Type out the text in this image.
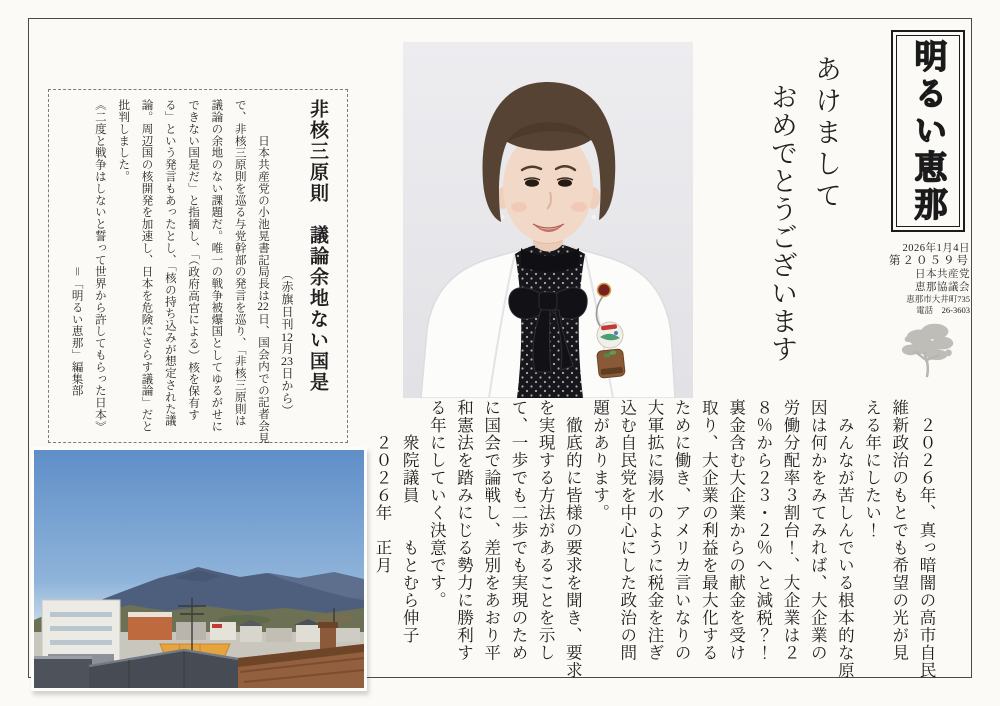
明るい恵那
2026年1月4日
第２０５９号
日本共産党
恵那協議会
恵那市大井町735
電話　26-3603

あけまして

　おめでとうございます

非核三原則　議論余地ない国是

　　　　　　　　　　　　　　（赤旗日刊12月23日から）

　　　日本共産党の小池晃書記局長は22日、国会内での記者会見

で、非核三原則を巡る与党幹部の発言を巡り、「非核三原則は

議論の余地のない課題だ。唯一の戦争被爆国としてゆるがせに

できない国是だ」と指摘し、「（政府高官による）核を保有す

る」という発言もあったとし、「核の持ち込みが想定された議

論。周辺国の核開発を加速し、日本を危険にさらす議論」だと

批判しました。

《二度と戦争はしないと誓って世界から許してもらった日本》

　　　　　　　　　　　　　　＝「明るい恵那」編集部

　２０２６年、真っ暗闇の高市自民

維新政治のもとでも希望の光が見

える年にしたい！

　みんなが苦しんでいる根本的な原

因は何かをみてみれば、大企業の

労働分配率３割台！、大企業は２

８％から２３・２％へと減税？！

裏金含む大企業からの献金を受け

取り、大企業の利益を最大化する

ために働き、アメリカ言いなりの

大軍拡に湯水のように税金を注ぎ

込む自民党を中心にした政治の問

題があります。

　徹底的に皆様の要求を聞き、要求

を実現する方法があることを示し

て、一歩でも二歩でも実現のため

に国会で論戦し、差別をあおり平

和憲法を踏みにじる勢力に勝利す

る年にしていく決意です。

　　衆院議員　　もとむら伸子

　　２０２６年　正月
